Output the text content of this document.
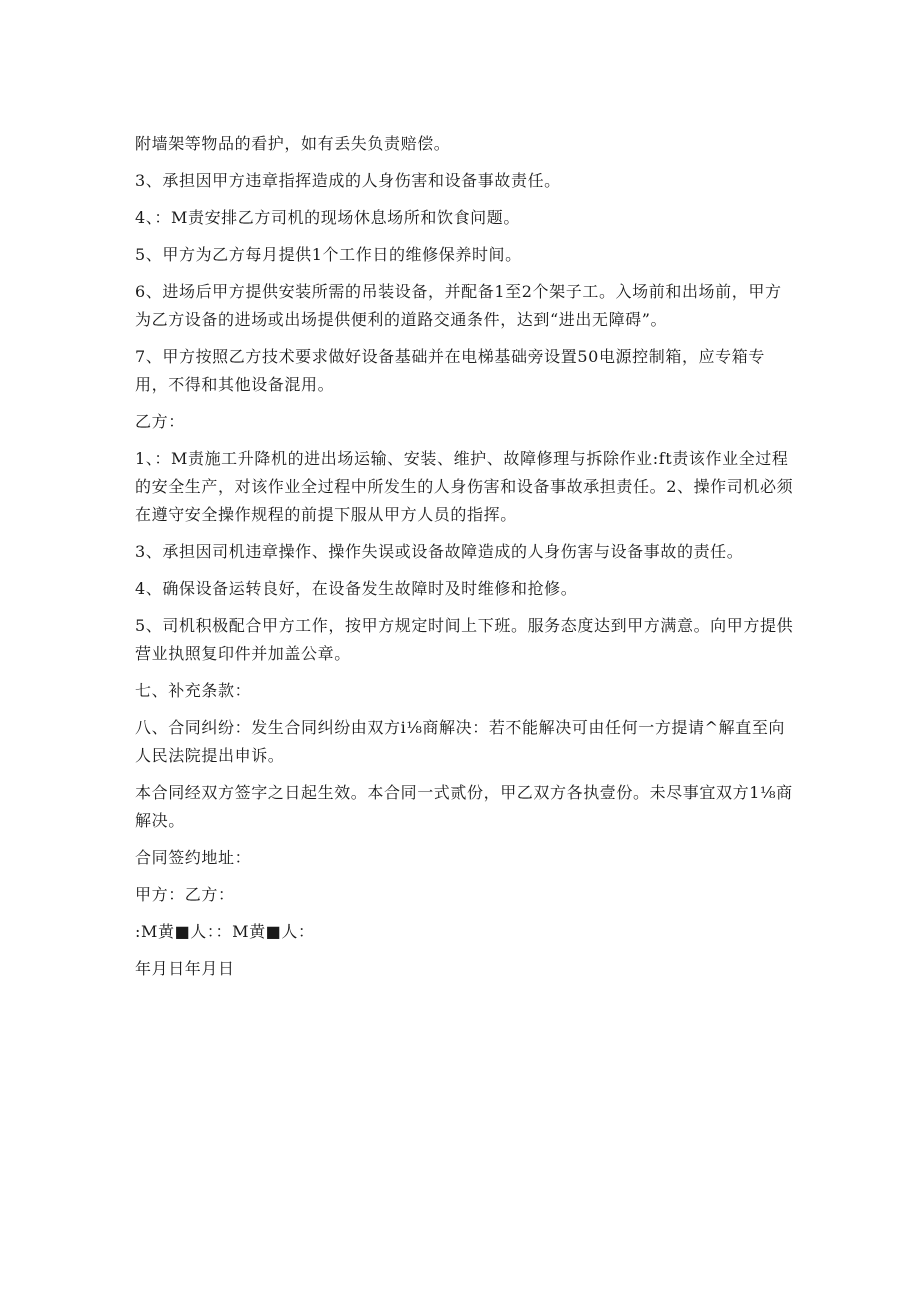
附墙架等物品的看护，如有丢失负责赔偿。

3、承担因甲方违章指挥造成的人身伤害和设备事故责任。

4、：M责安排乙方司机的现场休息场所和饮食问题。

5、甲方为乙方每月提供1个工作日的维修保养时间。

6、进场后甲方提供安装所需的吊装设备，并配备1至2个架子工。入场前和出场前，甲方为乙方设备的进场或出场提供便利的道路交通条件，达到“进出无障碍”。

7、甲方按照乙方技术要求做好设备基础并在电梯基础旁设置50电源控制箱，应专箱专用，不得和其他设备混用。

乙方：

1、：M责施工升降机的进出场运输、安装、维护、故障修理与拆除作业:ft责该作业全过程的安全生产，对该作业全过程中所发生的人身伤害和设备事故承担责任。2、操作司机必须在遵守安全操作规程的前提下服从甲方人员的指挥。

3、承担因司机违章操作、操作失误或设备故障造成的人身伤害与设备事故的责任。

4、确保设备运转良好，在设备发生故障时及时维修和抢修。

5、司机积极配合甲方工作，按甲方规定时间上下班。服务态度达到甲方满意。向甲方提供营业执照复印件并加盖公章。

七、补充条款：

八、合同纠纷：发生合同纠纷由双方i⅛商解决：若不能解决可由任何一方提请^解直至向人民法院提出申诉。

本合同经双方签字之日起生效。本合同一式贰份，甲乙双方各执壹份。未尽事宜双方1⅛商解决。

合同签约地址：

甲方：乙方：

:M黄■人：：M黄■人：

年月日年月日
